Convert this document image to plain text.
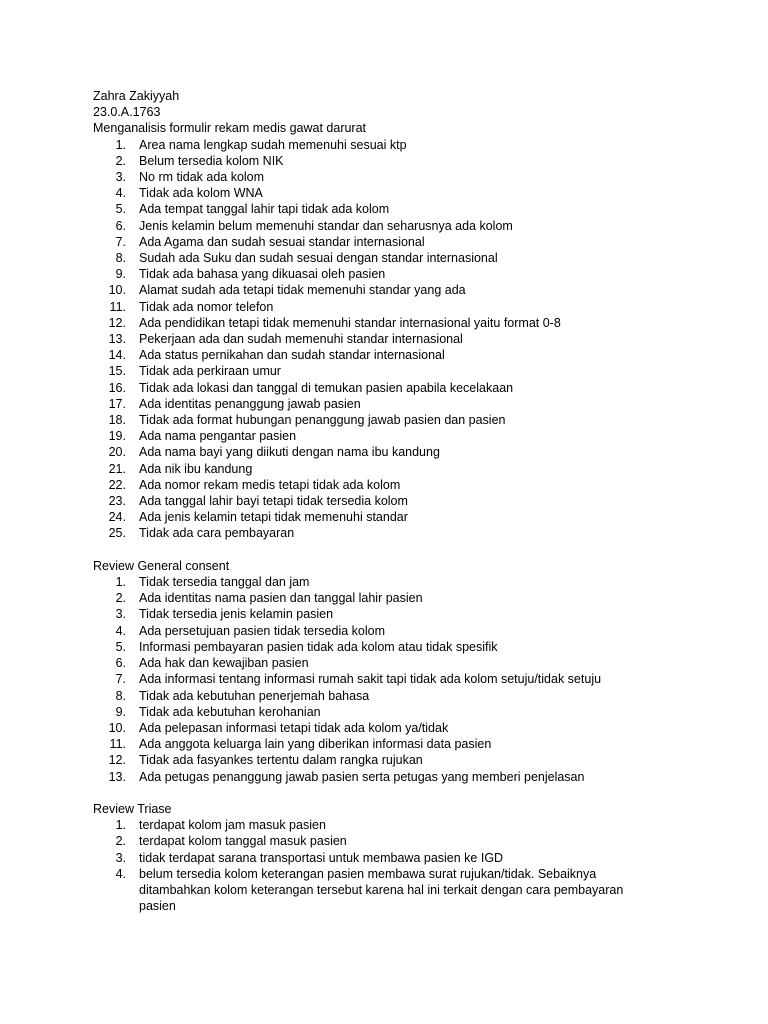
Zahra Zakiyyah
23.0.A.1763
Menganalisis formulir rekam medis gawat darurat
1. Area nama lengkap sudah memenuhi sesuai ktp
2. Belum tersedia kolom NIK
3. No rm tidak ada kolom
4. Tidak ada kolom WNA
5. Ada tempat tanggal lahir tapi tidak ada kolom
6. Jenis kelamin belum memenuhi standar dan seharusnya ada kolom
7. Ada Agama dan sudah sesuai standar internasional
8. Sudah ada Suku dan sudah sesuai dengan standar internasional
9. Tidak ada bahasa yang dikuasai oleh pasien
10. Alamat sudah ada tetapi tidak memenuhi standar yang ada
11. Tidak ada nomor telefon
12. Ada pendidikan tetapi tidak memenuhi standar internasional yaitu format 0-8
13. Pekerjaan ada dan sudah memenuhi standar internasional
14. Ada status pernikahan dan sudah standar internasional
15. Tidak ada perkiraan umur
16. Tidak ada lokasi dan tanggal di temukan pasien apabila kecelakaan
17. Ada identitas penanggung jawab pasien
18. Tidak ada format hubungan penanggung jawab pasien dan pasien
19. Ada nama pengantar pasien
20. Ada nama bayi yang diikuti dengan nama ibu kandung
21. Ada nik ibu kandung
22. Ada nomor rekam medis tetapi tidak ada kolom
23. Ada tanggal lahir bayi tetapi tidak tersedia kolom
24. Ada jenis kelamin tetapi tidak memenuhi standar
25. Tidak ada cara pembayaran
Review General consent
1. Tidak tersedia tanggal dan jam
2. Ada identitas nama pasien dan tanggal lahir pasien
3. Tidak tersedia jenis kelamin pasien
4. Ada persetujuan pasien tidak tersedia kolom
5. Informasi pembayaran pasien tidak ada kolom atau tidak spesifik
6. Ada hak dan kewajiban pasien
7. Ada informasi tentang informasi rumah sakit tapi tidak ada kolom setuju/tidak setuju
8. Tidak ada kebutuhan penerjemah bahasa
9. Tidak ada kebutuhan kerohanian
10. Ada pelepasan informasi tetapi tidak ada kolom ya/tidak
11. Ada anggota keluarga lain yang diberikan informasi data pasien
12. Tidak ada fasyankes tertentu dalam rangka rujukan
13. Ada petugas penanggung jawab pasien serta petugas yang memberi penjelasan
Review Triase
1. terdapat kolom jam masuk pasien
2. terdapat kolom tanggal masuk pasien
3. tidak terdapat sarana transportasi untuk membawa pasien ke IGD
4. belum tersedia kolom keterangan pasien membawa surat rujukan/tidak. Sebaiknya ditambahkan kolom keterangan tersebut karena hal ini terkait dengan cara pembayaran pasien
